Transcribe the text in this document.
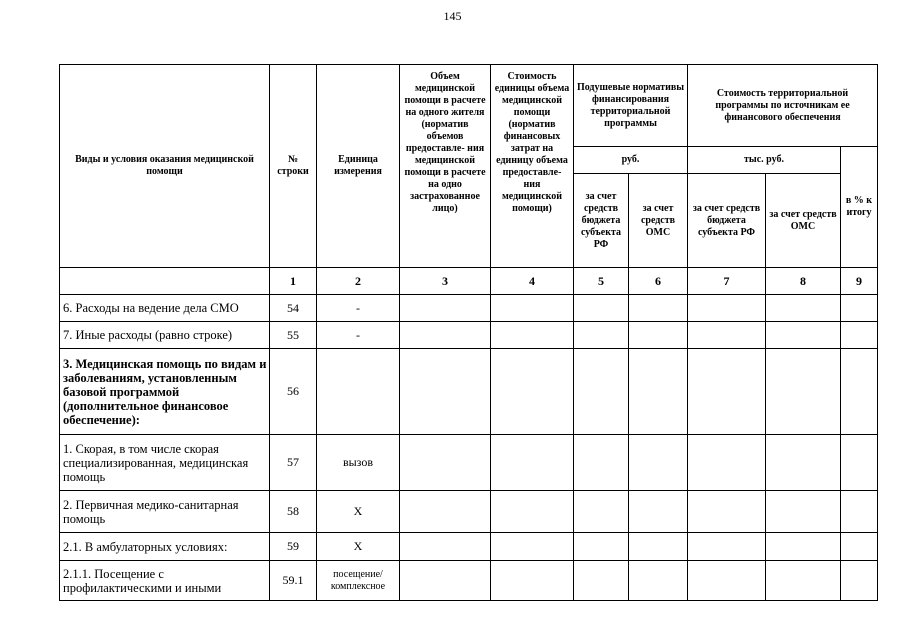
145
Виды и условия оказания медицинской помощи	№ строки	Единица измерения	Объем медицинской помощи в расчете на одного жителя (норматив объемов предоставле- ния медицинской помощи в расчете на одно застрахованное лицо)	Стоимость единицы объема медицинской помощи (норматив финансовых затрат на единицу объема предоставле- ния медицинской помощи)	Подушевые нормативы финансирования территориальной программы		Стоимость территориальной программы по источникам ее финансового обеспечения		
					руб.		тыс. руб.		в % к итогу
					за счет средств бюджета субъекта РФ	за счет средств ОМС	за счет средств бюджета субъекта РФ	за счет средств ОМС	
	1	2	3	4	5	6	7	8	9
6. Расходы на ведение дела СМО	54	-							
7. Иные расходы (равно строке)	55	-							
3. Медицинская помощь по видам и заболеваниям, установленным базовой программой (дополнительное финансовое обеспечение):	56								
1. Скорая, в том числе скорая специализированная, медицинская помощь	57	вызов							
2. Первичная медико-санитарная помощь	58	Х							
2.1. В амбулаторных условиях:	59	Х							
2.1.1. Посещение с профилактическими и иными	59.1	посещение/ комплексное							
